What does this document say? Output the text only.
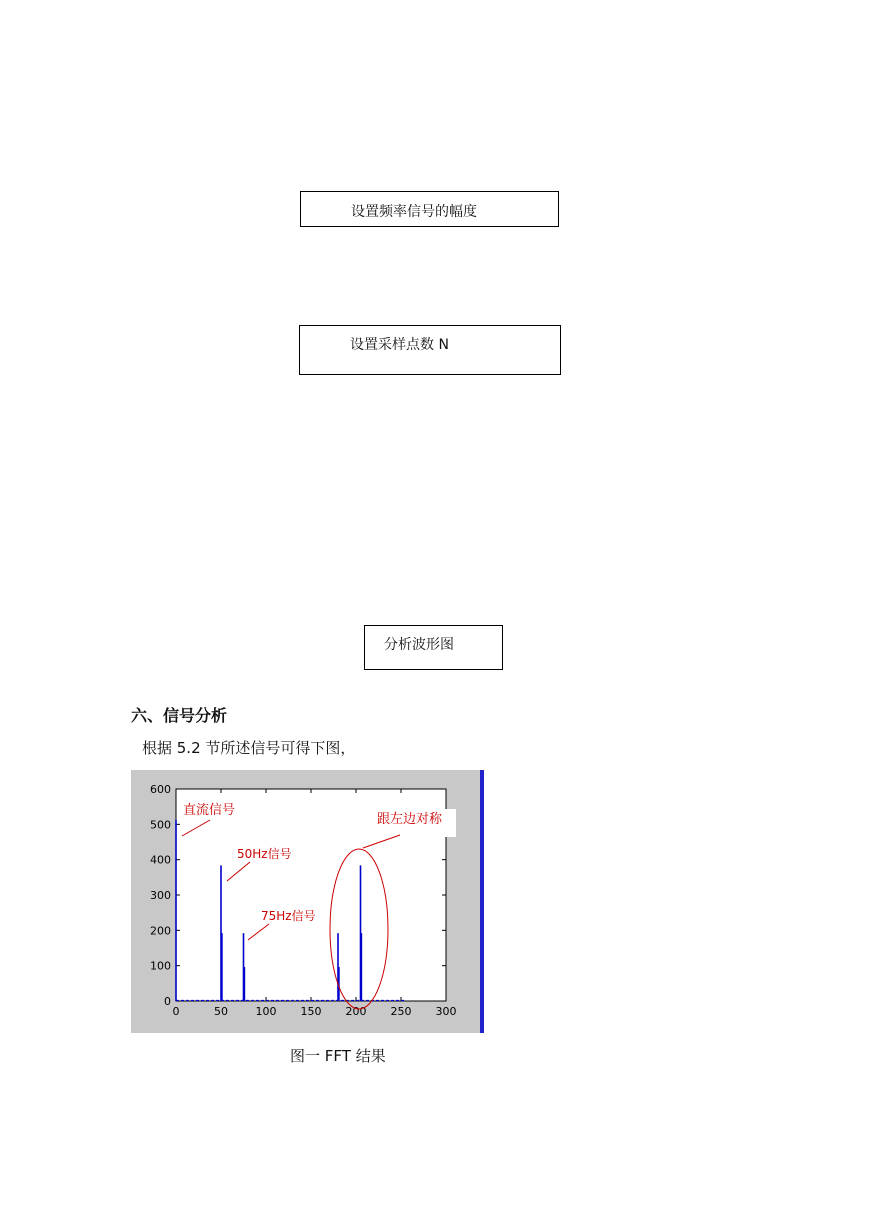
设置频率信号的幅度
设置采样点数 N
分析波形图
六、信号分析
根据 5.2 节所述信号可得下图，
0	50	100 150 200 250 300
0
100
200
300
400
500
600
直流信号
50Hz信号
75Hz信号
跟左边对称
图一 FFT 结果
